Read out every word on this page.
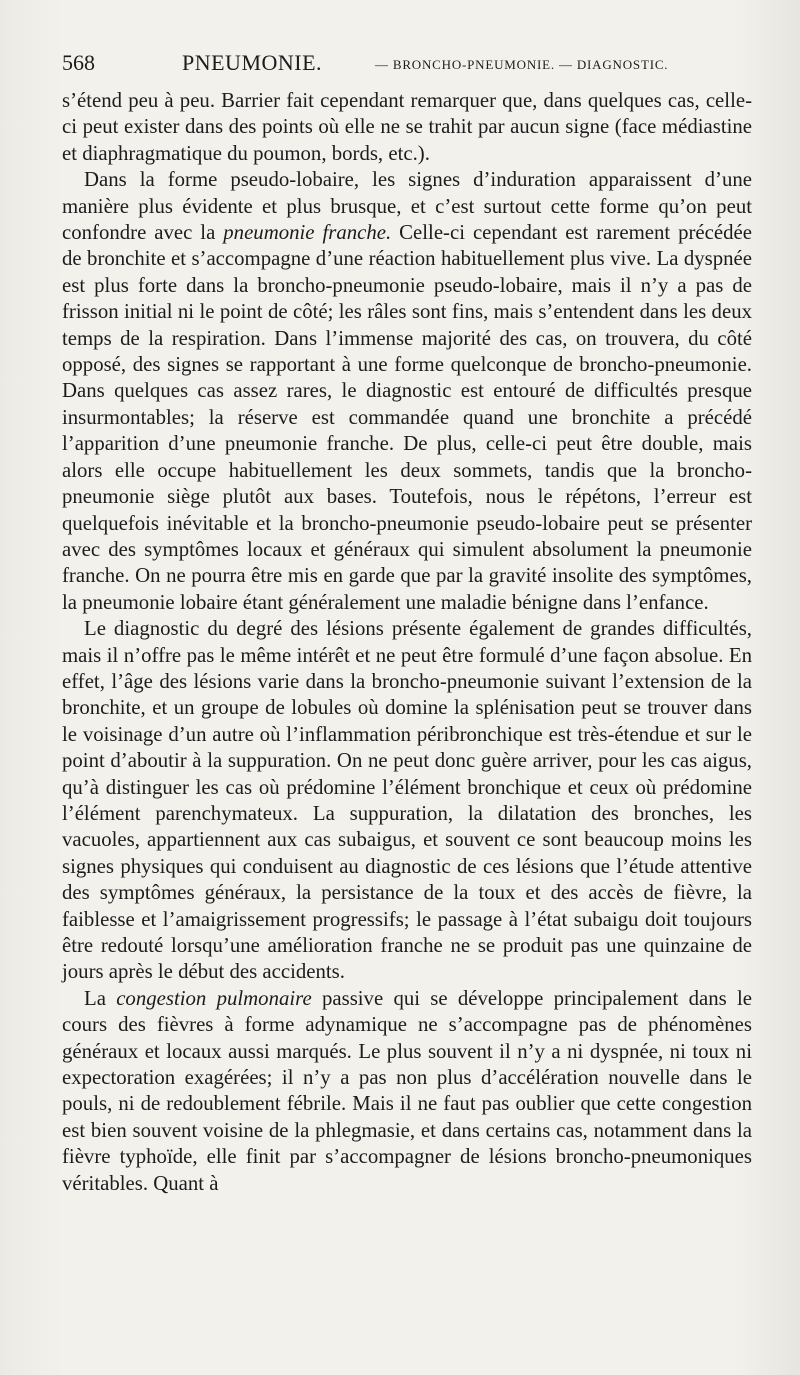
568	PNEUMONIE.	— BRONCHO-PNEUMONIE. — DIAGNOSTIC.

s’étend peu à peu. Barrier fait cependant remarquer que, dans quelques cas, celle-ci peut exister dans des points où elle ne se trahit par aucun signe (face médiastine et diaphragmatique du poumon, bords, etc.).

Dans la forme pseudo-lobaire, les signes d’induration apparaissent d’une manière plus évidente et plus brusque, et c’est surtout cette forme qu’on peut confondre avec la pneumonie franche. Celle-ci cependant est rarement précédée de bronchite et s’accompagne d’une réaction habituellement plus vive. La dyspnée est plus forte dans la broncho-pneumonie pseudo-lobaire, mais il n’y a pas de frisson initial ni le point de côté; les râles sont fins, mais s’entendent dans les deux temps de la respiration. Dans l’immense majorité des cas, on trouvera, du côté opposé, des signes se rapportant à une forme quelconque de broncho-pneumonie. Dans quelques cas assez rares, le diagnostic est entouré de difficultés presque insurmontables; la réserve est commandée quand une bronchite a précédé l’apparition d’une pneumonie franche. De plus, celle-ci peut être double, mais alors elle occupe habituellement les deux sommets, tandis que la broncho-pneumonie siège plutôt aux bases. Toutefois, nous le répétons, l’erreur est quelquefois inévitable et la broncho-pneumonie pseudo-lobaire peut se présenter avec des symptômes locaux et généraux qui simulent absolument la pneumonie franche. On ne pourra être mis en garde que par la gravité insolite des symptômes, la pneumonie lobaire étant généralement une maladie bénigne dans l’enfance.

Le diagnostic du degré des lésions présente également de grandes difficultés, mais il n’offre pas le même intérêt et ne peut être formulé d’une façon absolue. En effet, l’âge des lésions varie dans la broncho-pneumonie suivant l’extension de la bronchite, et un groupe de lobules où domine la splénisation peut se trouver dans le voisinage d’un autre où l’inflammation péribronchique est très-étendue et sur le point d’aboutir à la suppuration. On ne peut donc guère arriver, pour les cas aigus, qu’à distinguer les cas où prédomine l’élément bronchique et ceux où prédomine l’élément parenchymateux. La suppuration, la dilatation des bronches, les vacuoles, appartiennent aux cas subaigus, et souvent ce sont beaucoup moins les signes physiques qui conduisent au diagnostic de ces lésions que l’étude attentive des symptômes généraux, la persistance de la toux et des accès de fièvre, la faiblesse et l’amaigrissement progressifs; le passage à l’état subaigu doit toujours être redouté lorsqu’une amélioration franche ne se produit pas une quinzaine de jours après le début des accidents.

La congestion pulmonaire passive qui se développe principalement dans le cours des fièvres à forme adynamique ne s’accompagne pas de phénomènes généraux et locaux aussi marqués. Le plus souvent il n’y a ni dyspnée, ni toux ni expectoration exagérées; il n’y a pas non plus d’accélération nouvelle dans le pouls, ni de redoublement fébrile. Mais il ne faut pas oublier que cette congestion est bien souvent voisine de la phlegmasie, et dans certains cas, notamment dans la fièvre typhoïde, elle finit par s’accompagner de lésions broncho-pneumoniques véritables. Quant à
